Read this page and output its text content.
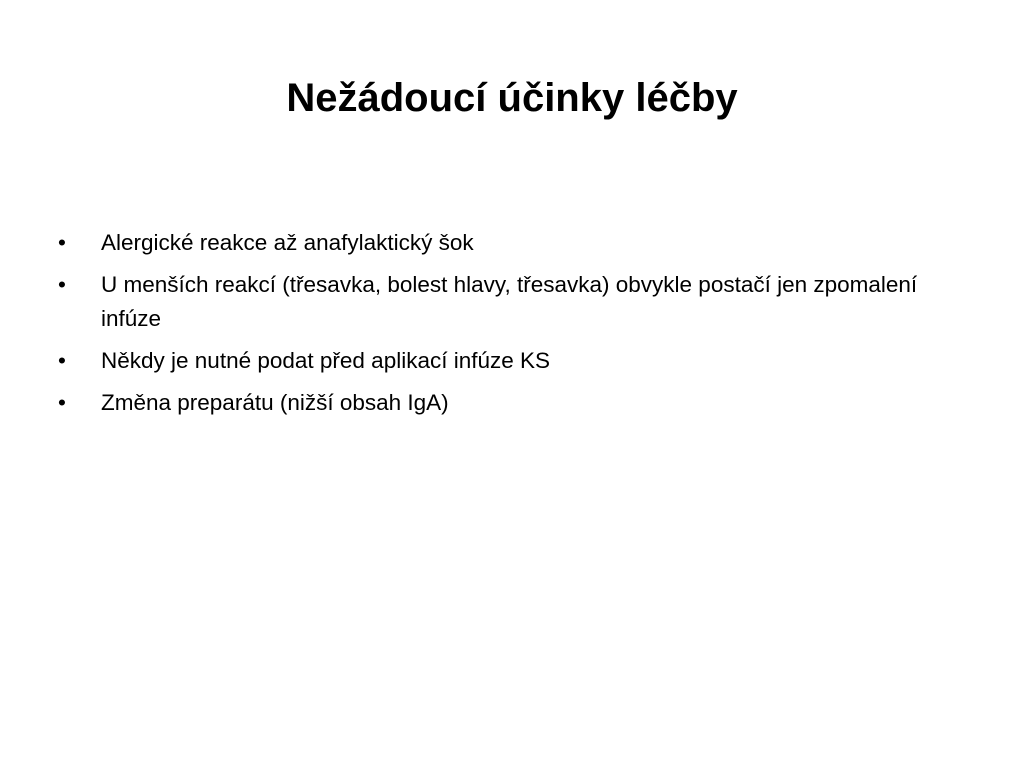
Nežádoucí účinky léčby
•	Alergické reakce až anafylaktický šok
•	U menších reakcí (třesavka, bolest hlavy, třesavka) obvykle postačí jen zpomalení infúze
•	Někdy je nutné podat před aplikací infúze KS
•	Změna preparátu (nižší obsah IgA)
